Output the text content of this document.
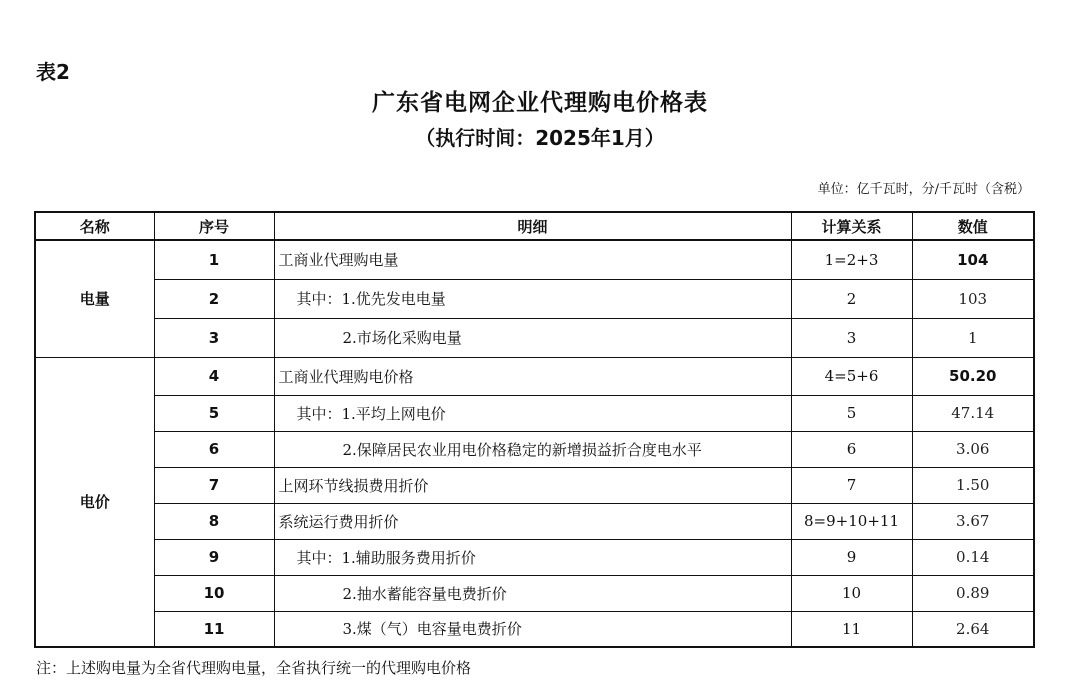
表2
广东省电网企业代理购电价格表
（执行时间：2025年1月）
单位：亿千瓦时，分/千瓦时（含税）
名称	序号	明细	计算关系	数值
电量	1	工商业代理购电量	1=2+3	104
	2	其中：1.优先发电电量	2	103
	3	2.市场化采购电量	3	1
电价	4	工商业代理购电价格	4=5+6	50.20
	5	其中：1.平均上网电价	5	47.14
	6	2.保障居民农业用电价格稳定的新增损益折合度电水平	6	3.06
	7	上网环节线损费用折价	7	1.50
	8	系统运行费用折价	8=9+10+11	3.67
	9	其中：1.辅助服务费用折价	9	0.14
	10	2.抽水蓄能容量电费折价	10	0.89
	11	3.煤（气）电容量电费折价	11	2.64
注：上述购电量为全省代理购电量，全省执行统一的代理购电价格
